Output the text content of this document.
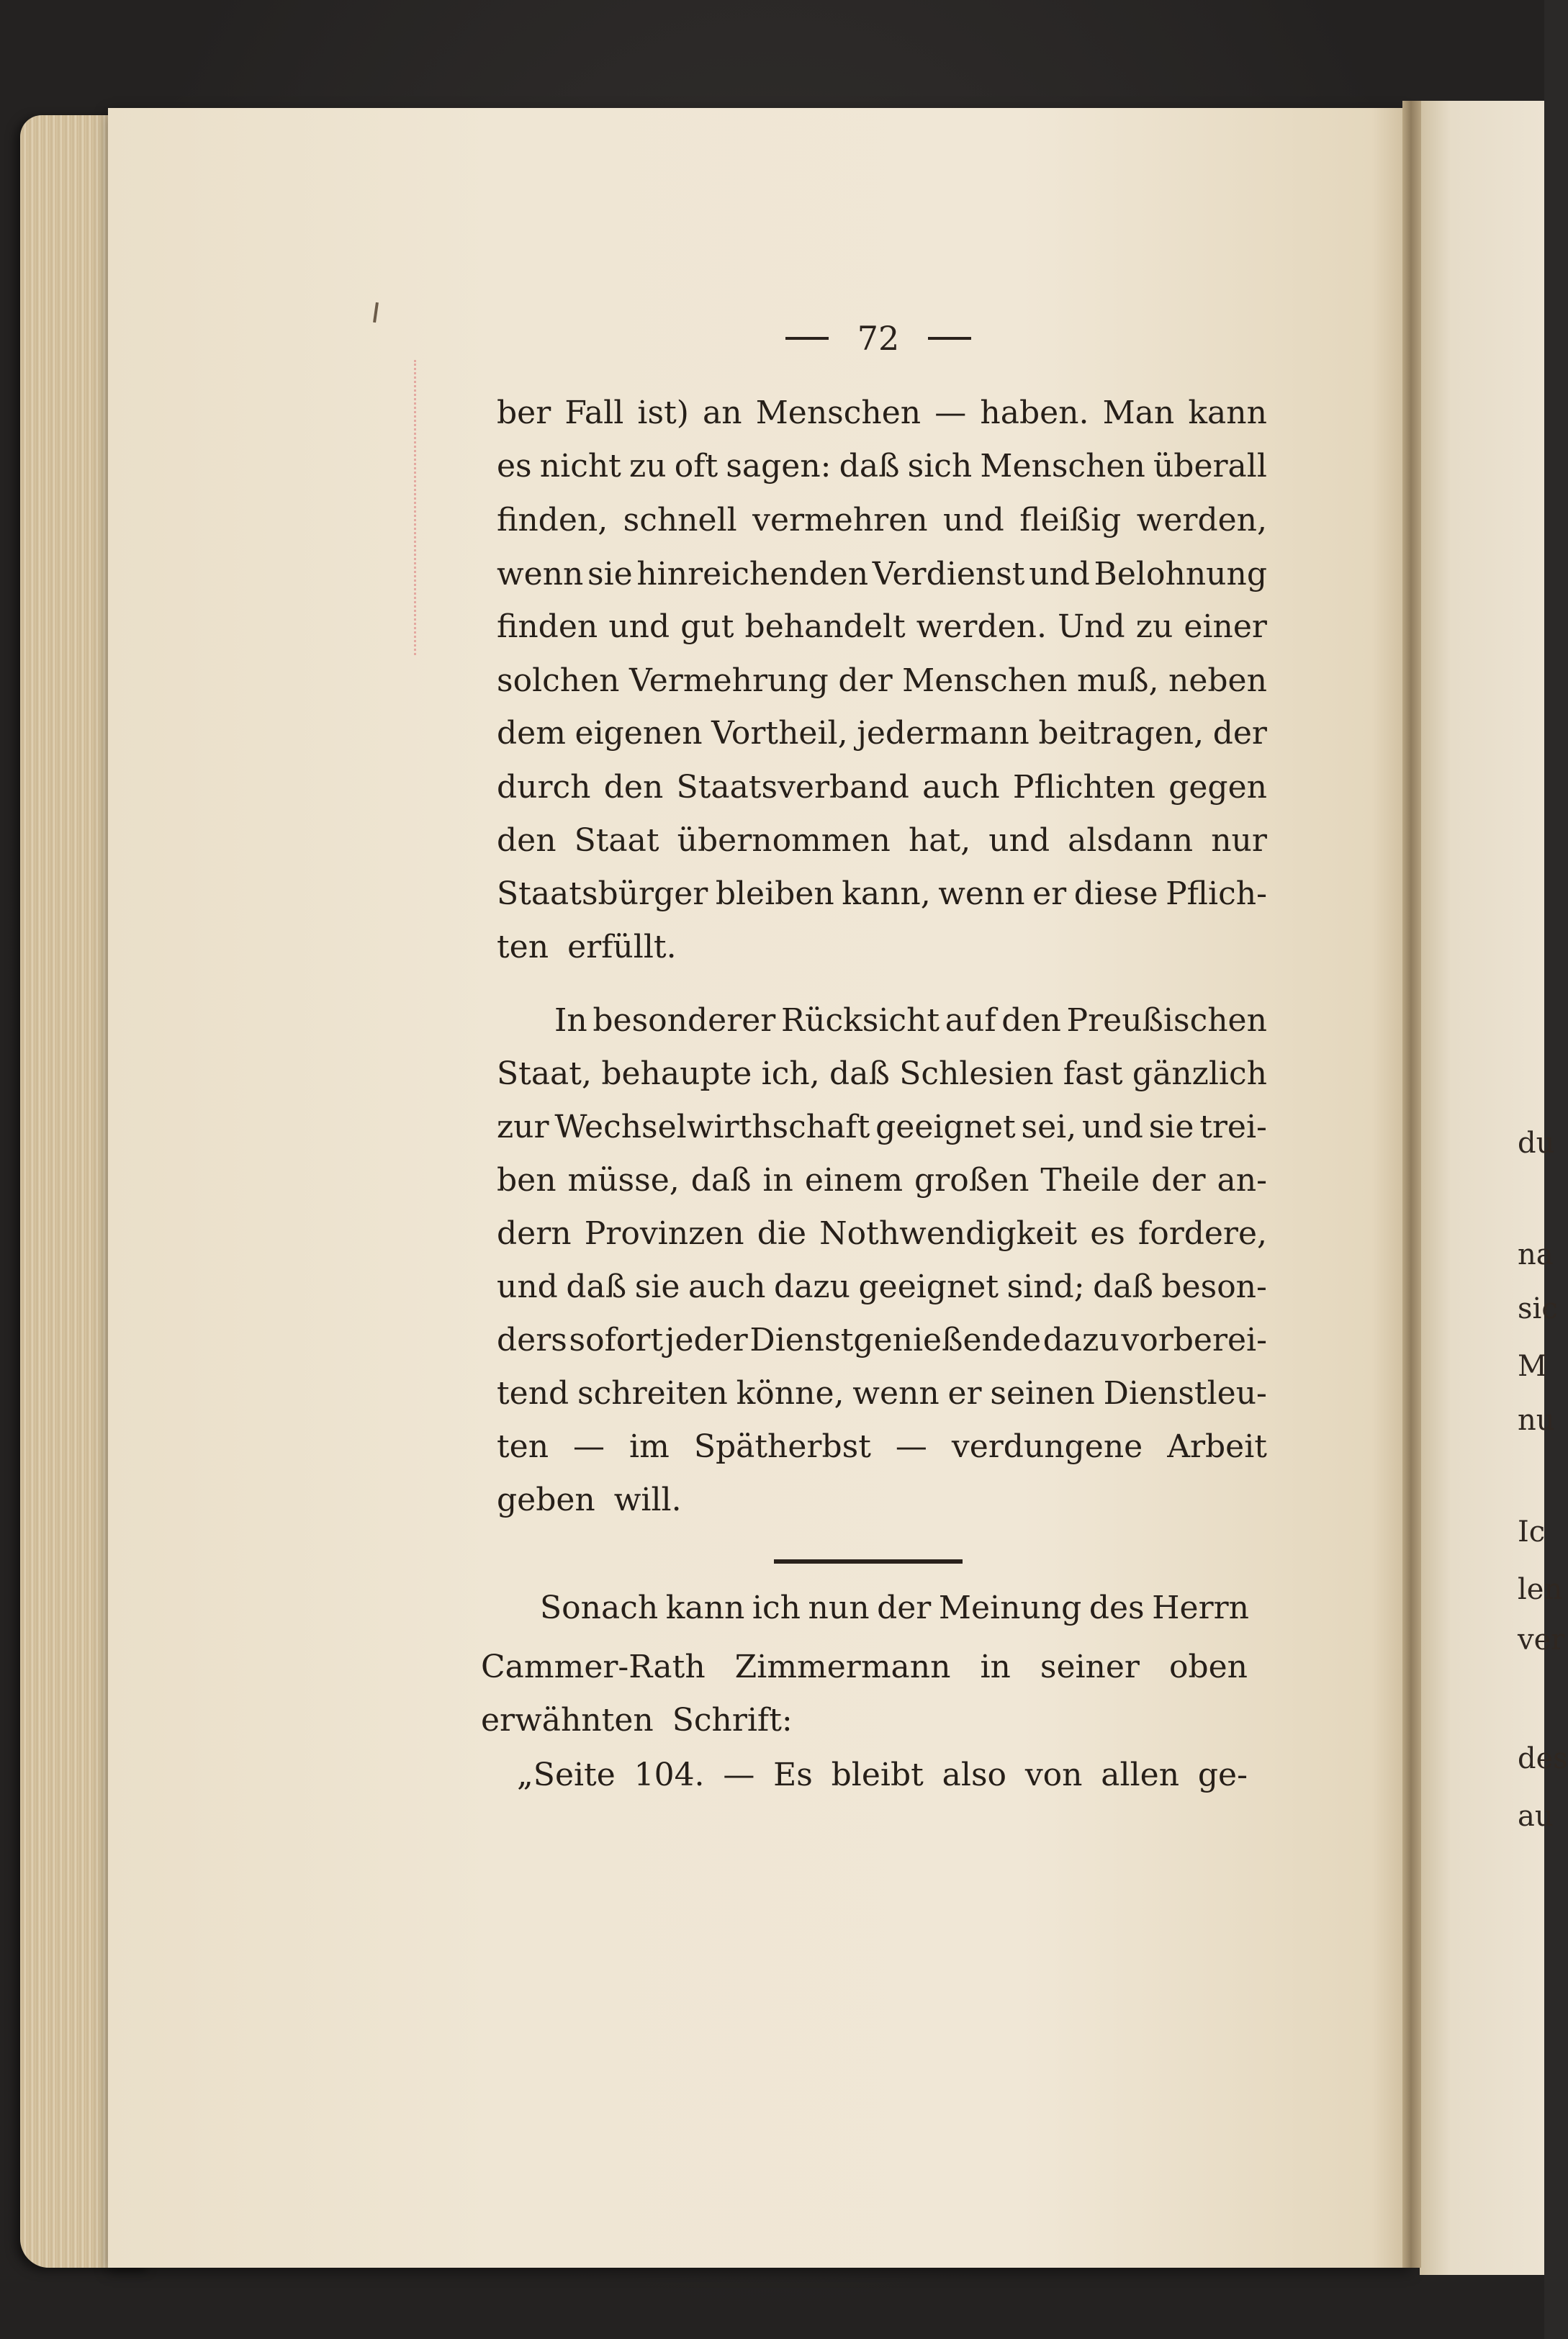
72
ber Fall ist) an Menschen — haben. Man kann
es nicht zu oft sagen: daß sich Menschen überall
finden, schnell vermehren und fleißig werden,
wenn sie hinreichenden Verdienst und Belohnung
finden und gut behandelt werden. Und zu einer
solchen Vermehrung der Menschen muß, neben
dem eigenen Vortheil, jedermann beitragen, der
durch den Staatsverband auch Pflichten gegen
den Staat übernommen hat, und alsdann nur
Staatsbürger bleiben kann, wenn er diese Pflich-
ten erfüllt.
In besonderer Rücksicht auf den Preußischen
Staat, behaupte ich, daß Schlesien fast gänzlich
zur Wechselwirthschaft geeignet sei, und sie trei-
ben müsse, daß in einem großen Theile der an-
dern Provinzen die Nothwendigkeit es fordere,
und daß sie auch dazu geeignet sind; daß beson-
ders sofort jeder Dienstgenießende dazu vorberei-
tend schreiten könne, wenn er seinen Dienstleu-
ten — im Spätherbst — verdungene Arbeit
geben will.
Sonach kann ich nun der Meinung des Herrn
Cammer-Rath Zimmermann in seiner oben
erwähnten Schrift:
„Seite 104. — Es bleibt also von allen ge-
du
na
sic
M
nu
Ic
len
ver
des
au
